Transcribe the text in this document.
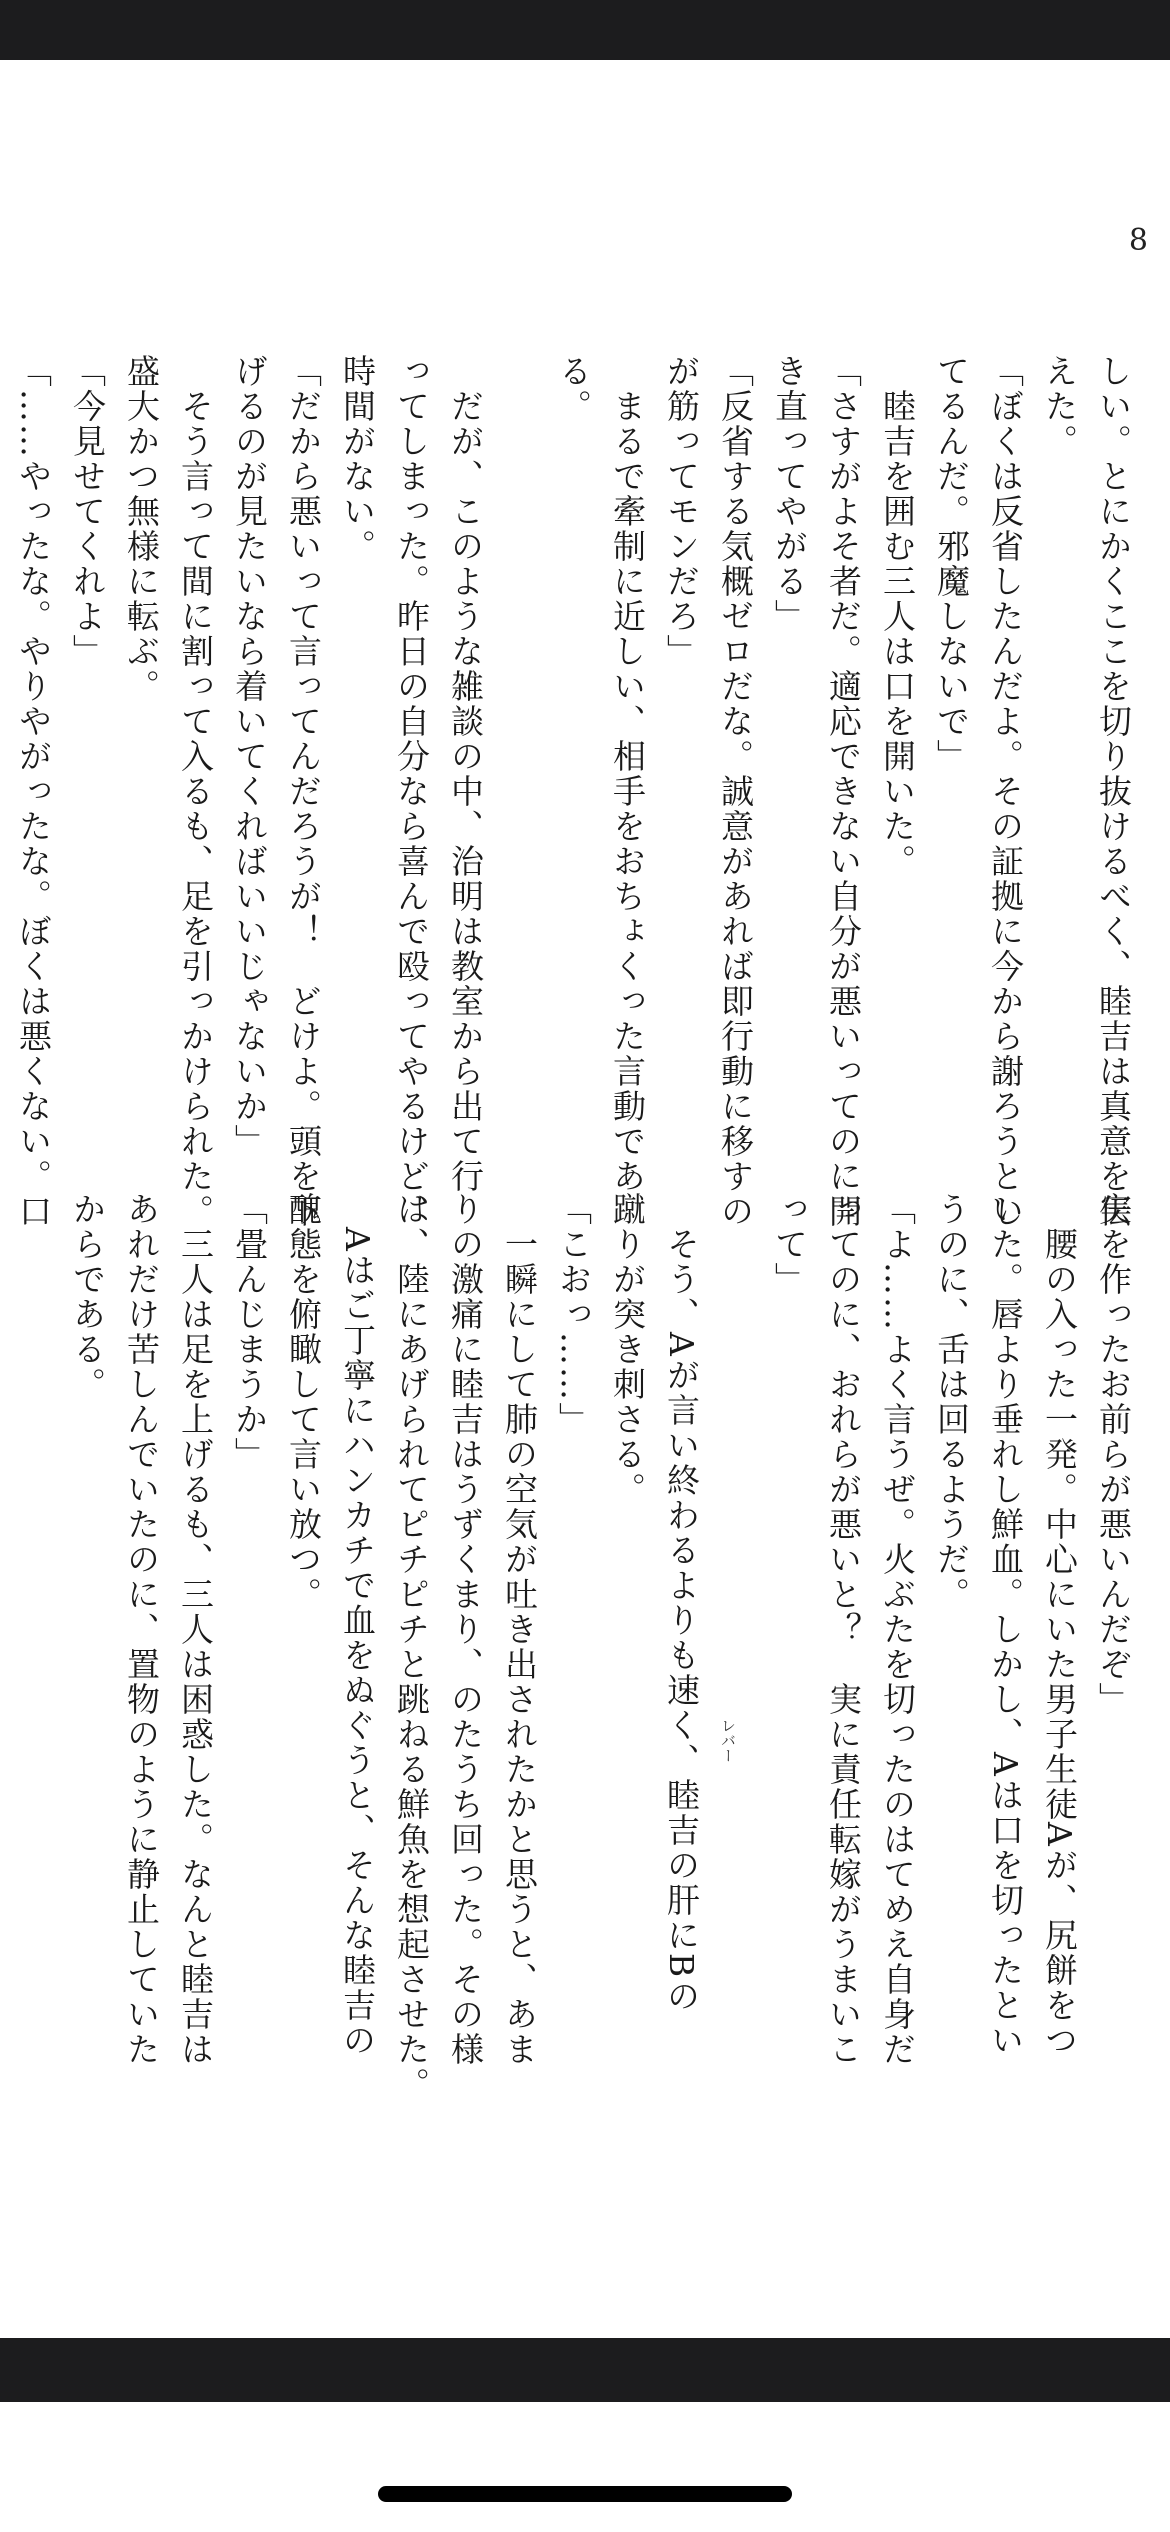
8
しい。とにかくここを切り抜けるべく、睦吉は真意を伝
えた。
「ぼくは反省したんだよ。その証拠に今から謝ろうとし
てるんだ。邪魔しないで」
　睦吉を囲む三人は口を開いた。
「さすがよそ者だ。適応できない自分が悪いってのに開
き直ってやがる」
「反省する気概ゼロだな。誠意があれば即行動に移すの
が筋ってモンだろ」
　まるで牽制に近しい、相手をおちょくった言動であ
る。

　だが、このような雑談の中、治明は教室から出て行
ってしまった。昨日の自分なら喜んで殴ってやるけど、
時間がない。
「だから悪いって言ってんだろうが！　どけよ。頭を下
げるのが見たいなら着いてくればいいじゃないか」
　そう言って間に割って入るも、足を引っかけられた。
盛大かつ無様に転ぶ。
「今見せてくれよ」
「……やったな。やりやがったな。ぼくは悪くない。口
実を作ったお前らが悪いんだぞ」
　腰の入った一発。中心にいた男子生徒Aが、尻餅をつ
いた。唇より垂れし鮮血。しかし、Aは口を切ったとい
うのに、舌は回るようだ。
「よ……よく言うぜ。火ぶたを切ったのはてめえ自身だ
ってのに、おれらが悪いと？　実に責任転嫁がうまいこ
って」

　そう、Aが言い終わるよりも速く、睦吉の肝にBの
蹴りが突き刺さる。
「こおっ……」
　一瞬にして肺の空気が吐き出されたかと思うと、あま
りの激痛に睦吉はうずくまり、のたうち回った。その様
は、陸にあげられてピチピチと跳ねる鮮魚を想起させた。
　Aはご丁寧にハンカチで血をぬぐうと、そんな睦吉の
醜態を俯瞰して言い放つ。
「畳んじまうか」
　三人は足を上げるも、三人は困惑した。なんと睦吉は
あれだけ苦しんでいたのに、置物のように静止していた
からである。
レバー
